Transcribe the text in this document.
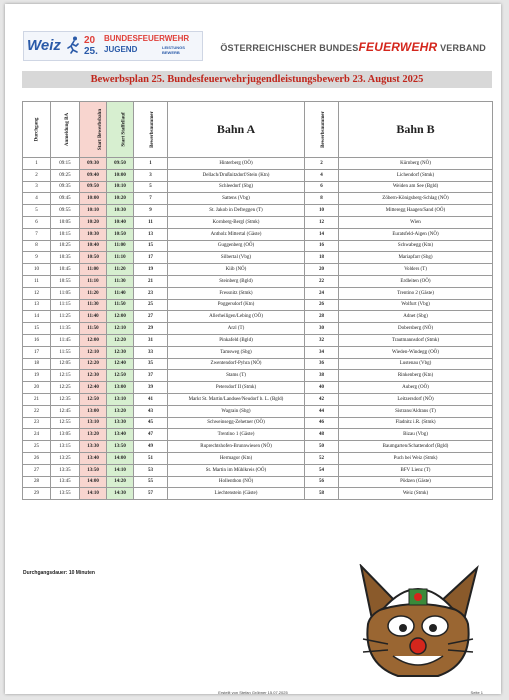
Weiz 20
25.
BUNDESFEUERWEHR
JUGEND	LEISTUNGS BEWERB	ÖSTERREICHISCHER BUNDESFEUERWEHR VERBAND
Bewerbsplan 25. Bundesfeuerwehrjugendleistungsbewerb 23. August 2025
Durchgang	Anmeldung BA	Start Bewerbsbahn	Start Staffellauf	Bewerbsnummer	Bahn A	Bewerbsnummer	Bahn B
1	09:15	09:30	09:50	1	Hinterberg (OÖ)	2	Kürnberg (NÖ)
2	09:25	09:40	10:00	3	Dellach/Drußnitzdorf/Stein (Ktn)	4	Lichendorf (Stmk)
3	09:35	09:50	10:10	5	Schleedorf (Sbg)	6	Weiden am See (Bgld)
4	09:45	10:00	10:20	7	Sattens (Vbg)	8	Zöbern-Königsberg-Schlag (NÖ)
5	09:55	10:10	10:30	9	St. Jakob in Defreggen (T)	10	Mitteregg Haagen/Sand (OÖ)
6	10:05	10:20	10:40	11	Kornberg-Bergl (Stmk)	12	Wien
7	10:15	10:30	10:50	13	Antholz Mittertal (Gäste)	14	Euratsfeld-Aigen (NÖ)
8	10:25	10:40	11:00	15	Guggenberg (OÖ)	16	Schwabegg (Ktn)
9	10:35	10:50	11:10	17	Silbertal (Vbg)	18	Mariapfarr (Sbg)
10	10:45	11:00	11:20	19	Kiib (NÖ)	20	Volders (T)
11	10:55	11:10	11:30	21	Steinberg (Bgld)	22	Erdleiten (OÖ)
12	11:05	11:20	11:40	23	Fressnitz (Stmk)	24	Trentino 2 (Gäste)
13	11:15	11:30	11:50	25	Poggersdorf (Ktn)	26	Wolfurt (Vbg)
14	11:25	11:40	12:00	27	Allerheiligen/Lebing (OÖ)	28	Adnet (Sbg)
15	11:35	11:50	12:10	29	Arzl (T)	30	Dobersberg (NÖ)
16	11:45	12:00	12:20	31	Pinkafeld (Bgld)	32	Trautmannsdorf (Stmk)
17	11:55	12:10	12:30	33	Tamsweg (Sbg)	34	Wieden-Windegg (OÖ)
18	12:05	12:20	12:40	35	Zwentendorf-Pyhra (NÖ)	36	Lustenau (Vbg)
19	12:15	12:30	12:50	37	Stams (T)	38	Rinkenberg (Ktn)
20	12:25	12:40	13:00	39	Petersdorf II (Stmk)	40	Auberg (OÖ)
21	12:35	12:50	13:10	41	Markt St. Martin/Landsee/Neudorf b. L. (Bgld)	42	Leitzersdorf (NÖ)
22	12:45	13:00	13:20	43	Wagrain (Sbg)	44	Sistrans/Aldrans (T)
23	12:55	13:10	13:30	45	Schweinsegg-Zehetner (OÖ)	46	Fladnitz i.R. (Stmk)
24	13:05	13:20	13:40	47	Trentino 1 (Gäste)	48	Bizau (Vbg)
25	13:15	13:30	13:50	49	Ruprechtshofen-Brunnwiesen (NÖ)	50	Baumgarten/Schattendorf (Bgld)
26	13:25	13:40	14:00	51	Hermagor (Ktn)	52	Puch bei Weiz (Stmk)
27	13:35	13:50	14:10	53	St. Martin im Mühlkreis (OÖ)	54	BFV Lienz (T)
28	13:45	14:00	14:20	55	Hollenthon (NÖ)	56	Pödzen (Gäste)
29	13:55	14:10	14:30	57	Liechtenstein (Gäste)	58	Weiz (Stmk)
Durchgangsdauer: 10 Minuten
Erstellt von Stefan Gröbner 15.07.2025	Seite 1
